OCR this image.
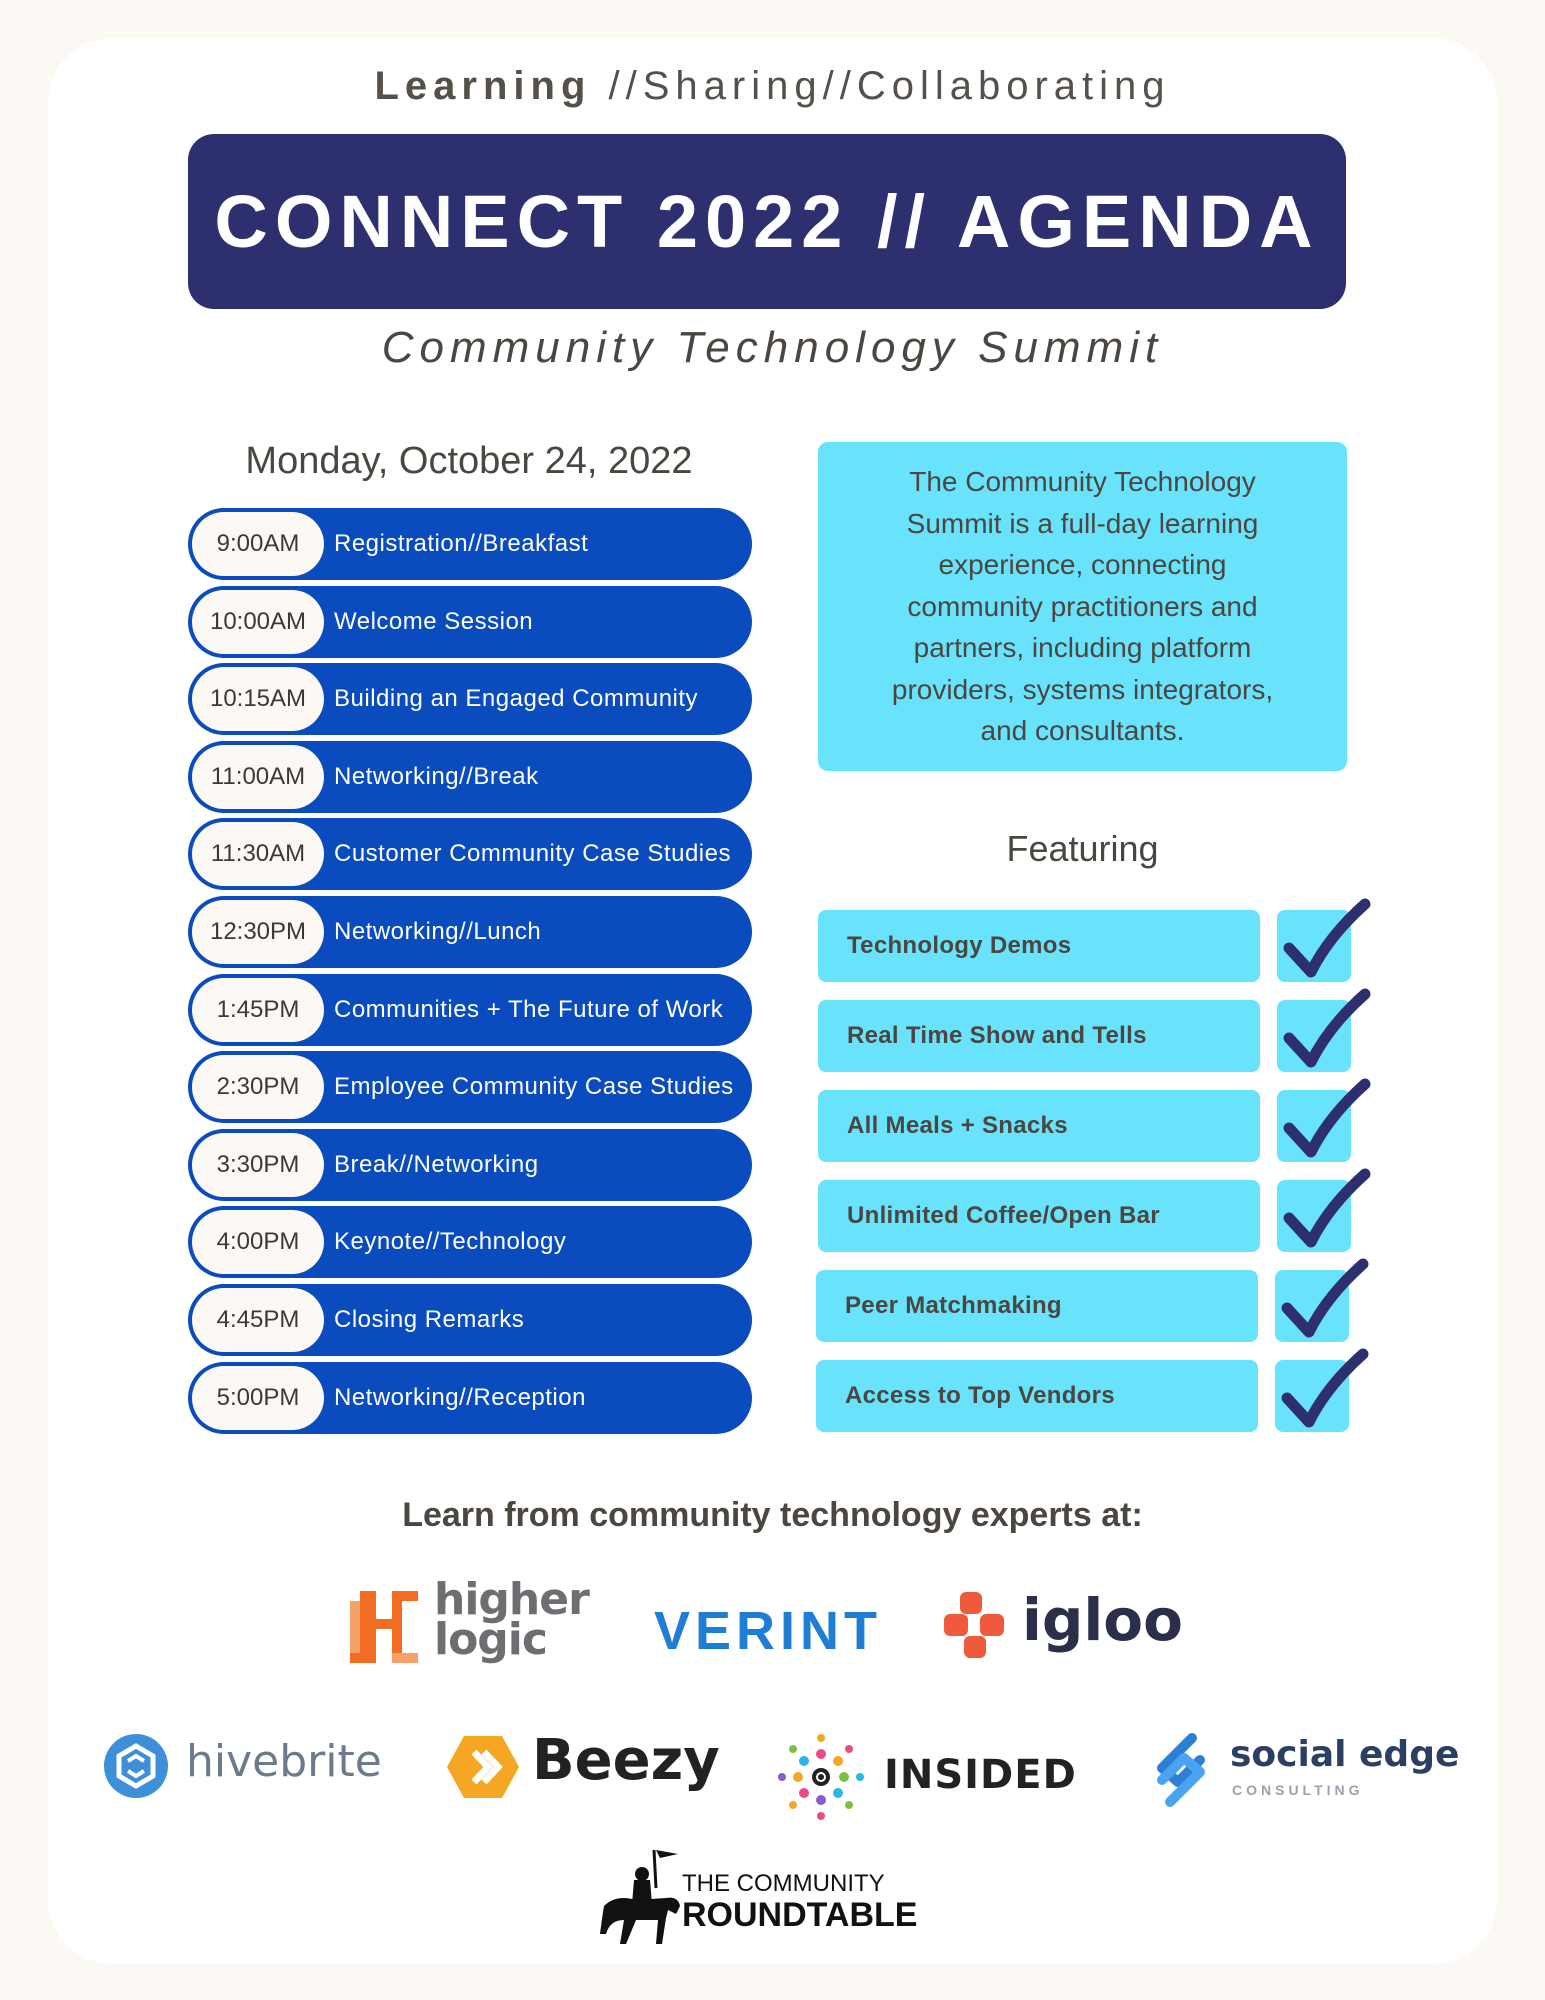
Learning //Sharing//Collaborating
CONNECT 2022 // AGENDA
Community Technology Summit
Monday, October 24, 2022
9:00AM	Registration//Breakfast
10:00AM	Welcome Session
10:15AM	Building an Engaged Community
11:00AM	Networking//Break
11:30AM	Customer Community Case Studies
12:30PM	Networking//Lunch
1:45PM	Communities + The Future of Work
2:30PM	Employee Community Case Studies
3:30PM	Break//Networking
4:00PM	Keynote//Technology
4:45PM	Closing Remarks
5:00PM	Networking//Reception

The Community Technology Summit is a full-day learning experience, connecting community practitioners and partners, including platform providers, systems integrators, and consultants.

Featuring
Technology Demos
Real Time Show and Tells
All Meals + Snacks
Unlimited Coffee/Open Bar
Peer Matchmaking
Access to Top Vendors
Learn from community technology experts at:
higher
logic	VERINT igloo
hivebrite	Beezy	INSIDED	social edge
CONSULTING
THE COMMUNITY
ROUNDTABLE
